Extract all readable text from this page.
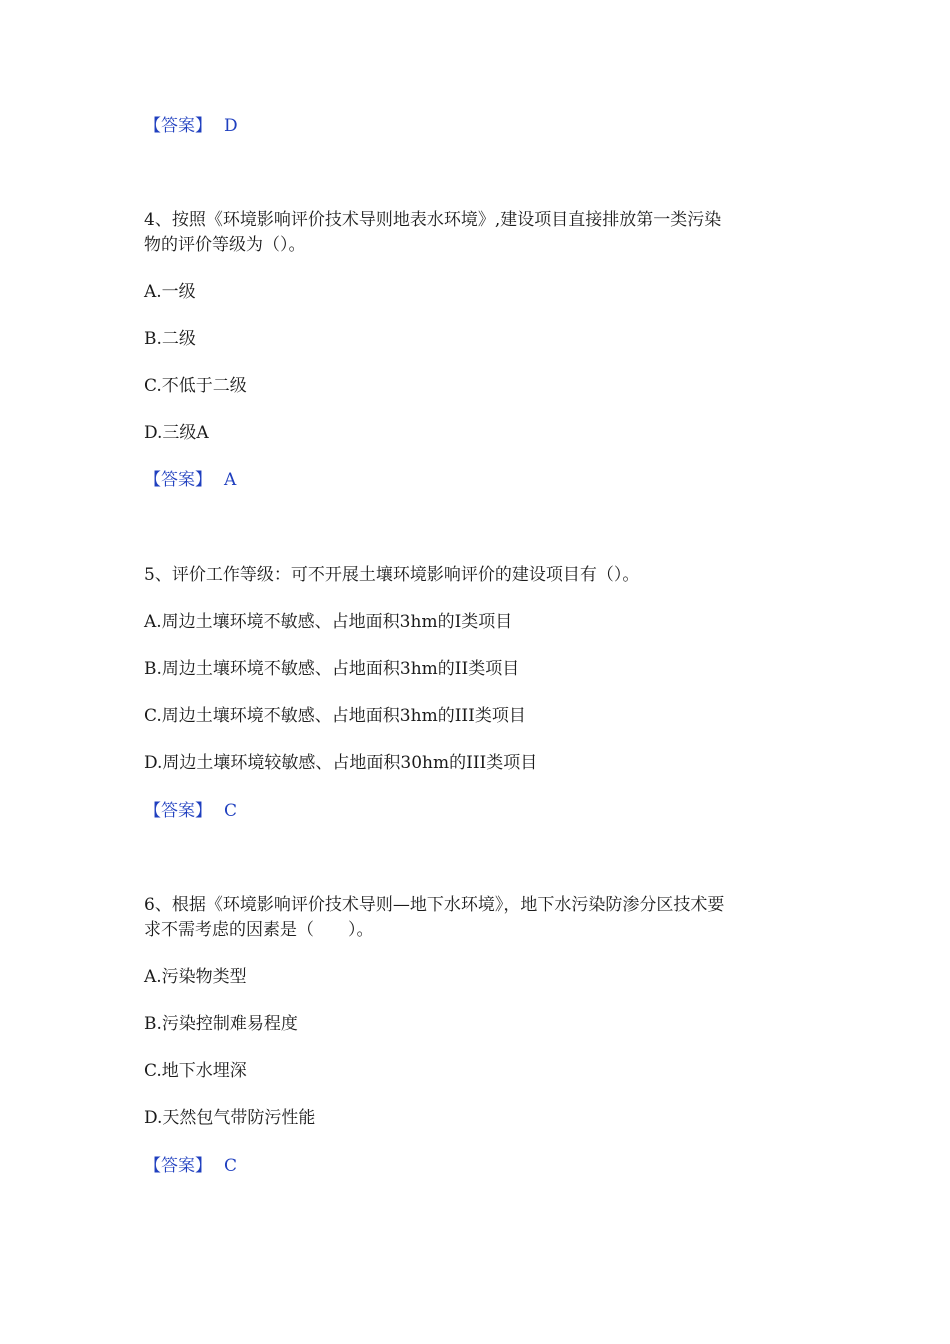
【答案】 D
4、按照《环境影响评价技术导则地表水环境》,建设项目直接排放第一类污染
物的评价等级为（）。
A.一级
B.二级
C.不低于二级
D.三级A
【答案】 A
5、评价工作等级：可不开展土壤环境影响评价的建设项目有（）。
A.周边土壤环境不敏感、占地面积3hm的I类项目
B.周边土壤环境不敏感、占地面积3hm的II类项目
C.周边土壤环境不敏感、占地面积3hm的III类项目
D.周边土壤环境较敏感、占地面积30hm的III类项目
【答案】 C
6、根据《环境影响评价技术导则—地下水环境》，地下水污染防渗分区技术要
求不需考虑的因素是（　　）。
A.污染物类型
B.污染控制难易程度
C.地下水埋深
D.天然包气带防污性能
【答案】 C
